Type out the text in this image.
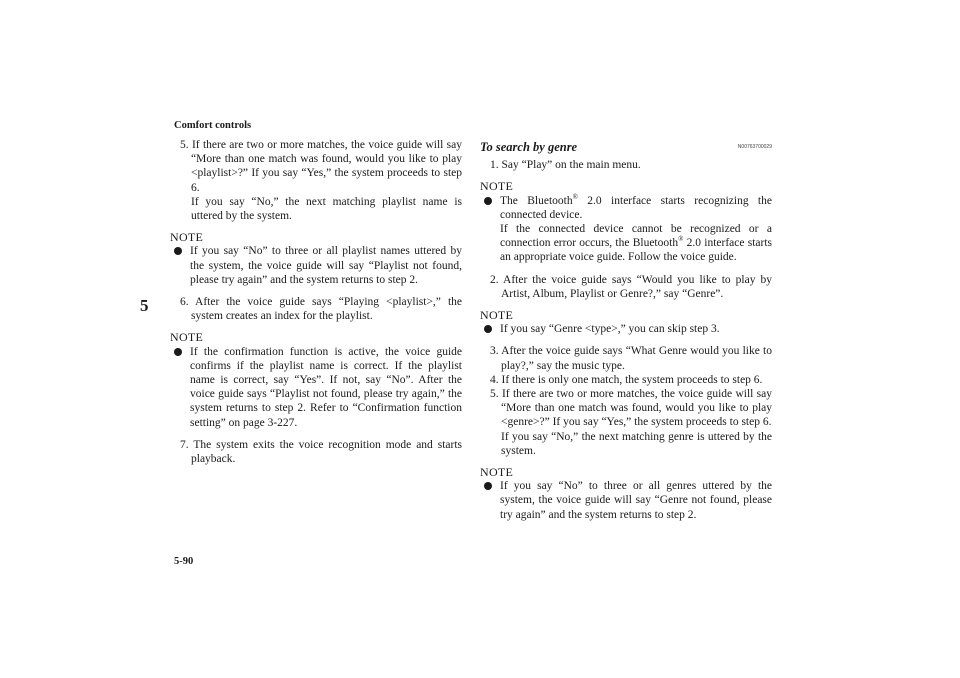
Comfort controls
5
5-90

5. If there are two or more matches, the voice guide will say “More than one match was found, would you like to play <playlist>?” If you say “Yes,” the system proceeds to step 6.

If you say “No,” the next matching playlist name is uttered by the system.

NOTE

If you say “No” to three or all playlist names uttered by the system, the voice guide will say “Playlist not found, please try again” and the system returns to step 2.

6. After the voice guide says “Playing <playlist>,” the system creates an index for the playlist.

NOTE

If the confirmation function is active, the voice guide confirms if the playlist name is correct. If the playlist name is correct, say “Yes”. If not, say “No”. After the voice guide says “Playlist not found, please try again,” the system returns to step 2. Refer to “Confirmation function setting” on page 3-227.

7. The system exits the voice recognition mode and starts playback.

To search by genre	N00763700029

1. Say “Play” on the main menu.

NOTE

The Bluetooth® 2.0 interface starts recognizing the connected device.
If the connected device cannot be recognized or a connection error occurs, the Bluetooth® 2.0 interface starts an appropriate voice guide. Follow the voice guide.

2. After the voice guide says “Would you like to play by Artist, Album, Playlist or Genre?,” say “Genre”.

NOTE

If you say “Genre <type>,” you can skip step 3.

3. After the voice guide says “What Genre would you like to play?,” say the music type.

4. If there is only one match, the system proceeds to step 6.

5. If there are two or more matches, the voice guide will say “More than one match was found, would you like to play <genre>?” If you say “Yes,” the system proceeds to step 6.

If you say “No,” the next matching genre is uttered by the system.

NOTE

If you say “No” to three or all genres uttered by the system, the voice guide will say “Genre not found, please try again” and the system returns to step 2.
